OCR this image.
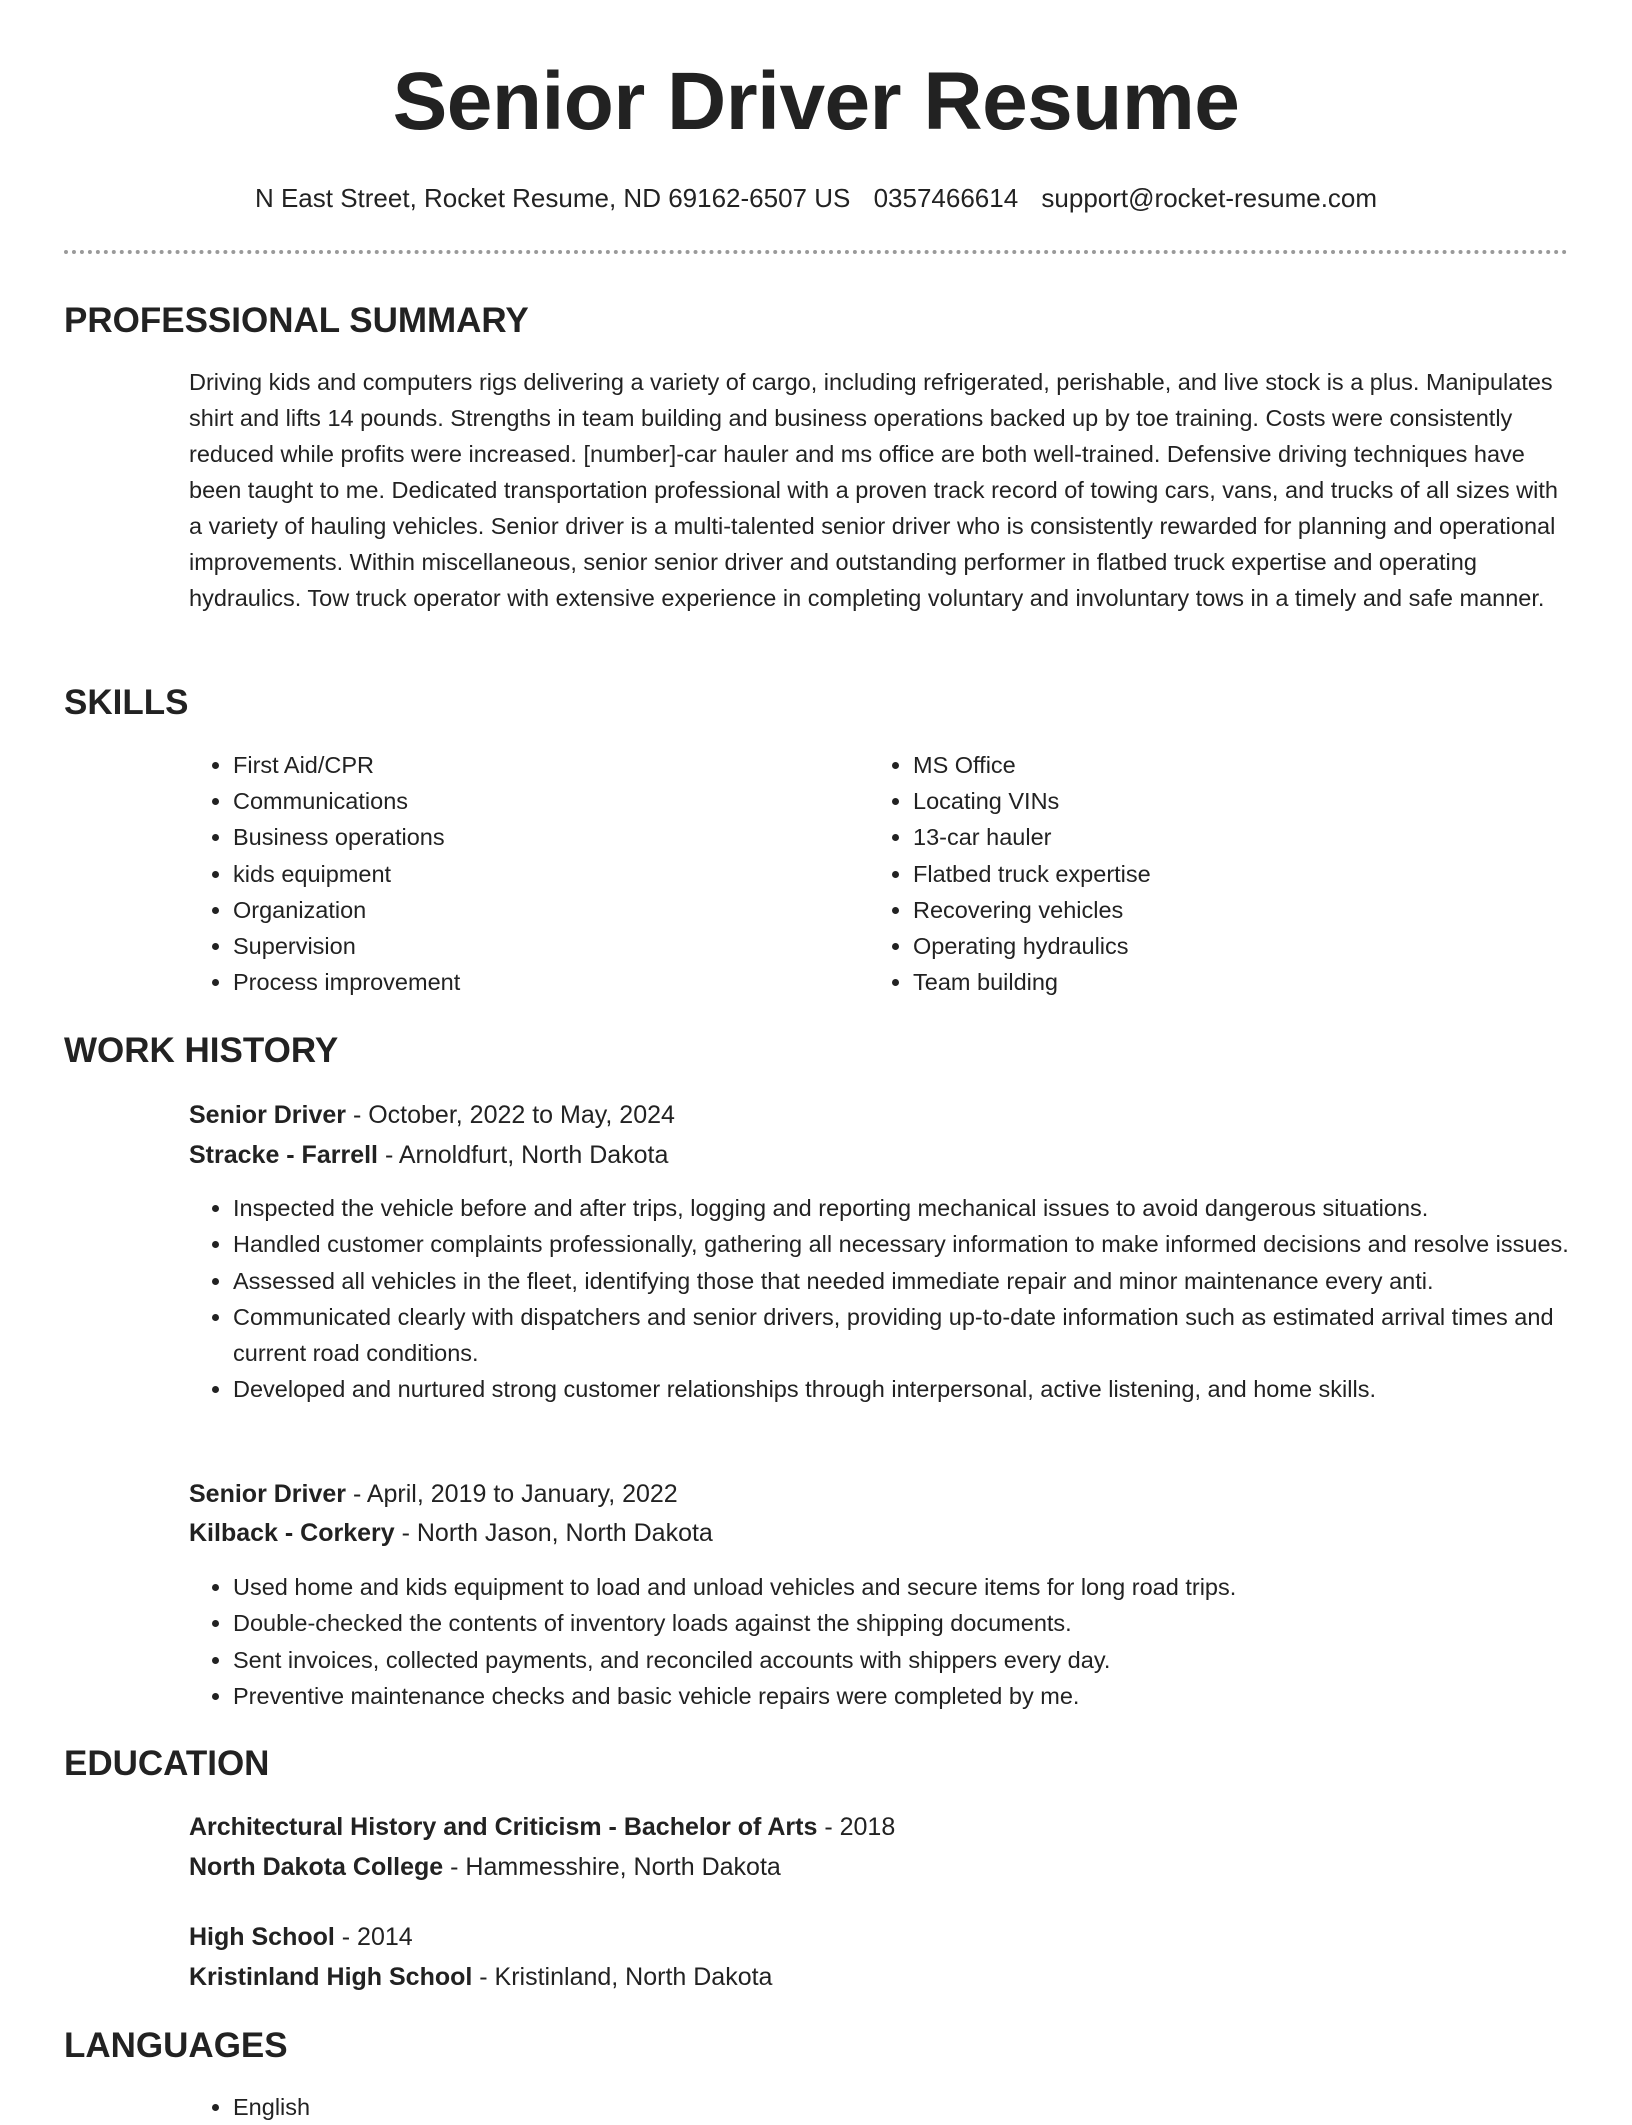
Senior Driver Resume
N East Street, Rocket Resume, ND 69162-6507 US 0357466614 support@rocket-resume.com
PROFESSIONAL SUMMARY

Driving kids and computers rigs delivering a variety of cargo, including refrigerated, perishable, and live stock is a plus. Manipulates shirt and lifts 14 pounds. Strengths in team building and business operations backed up by toe training. Costs were consistently reduced while profits were increased. [number]-car hauler and ms office are both well-trained. Defensive driving techniques have been taught to me. Dedicated transportation professional with a proven track record of towing cars, vans, and trucks of all sizes with a variety of hauling vehicles. Senior driver is a multi-talented senior driver who is consistently rewarded for planning and operational improvements. Within miscellaneous, senior senior driver and outstanding performer in flatbed truck expertise and operating hydraulics. Tow truck operator with extensive experience in completing voluntary and involuntary tows in a timely and safe manner.

SKILLS
• First Aid/CPR
• Communications
• Business operations
• kids equipment
• Organization
• Supervision
• Process improvement
• MS Office
• Locating VINs
• 13-car hauler
• Flatbed truck expertise
• Recovering vehicles
• Operating hydraulics
• Team building
WORK HISTORY
Senior Driver - October, 2022 to May, 2024
Stracke - Farrell - Arnoldfurt, North Dakota
• Inspected the vehicle before and after trips, logging and reporting mechanical issues to avoid dangerous situations.
• Handled customer complaints professionally, gathering all necessary information to make informed decisions and resolve issues.
• Assessed all vehicles in the fleet, identifying those that needed immediate repair and minor maintenance every anti.
• Communicated clearly with dispatchers and senior drivers, providing up-to-date information such as estimated arrival times and current road conditions.
• Developed and nurtured strong customer relationships through interpersonal, active listening, and home skills.
Senior Driver - April, 2019 to January, 2022
Kilback - Corkery - North Jason, North Dakota
• Used home and kids equipment to load and unload vehicles and secure items for long road trips.
• Double-checked the contents of inventory loads against the shipping documents.
• Sent invoices, collected payments, and reconciled accounts with shippers every day.
• Preventive maintenance checks and basic vehicle repairs were completed by me.
EDUCATION
Architectural History and Criticism - Bachelor of Arts - 2018
North Dakota College - Hammesshire, North Dakota
High School - 2014
Kristinland High School - Kristinland, North Dakota
LANGUAGES
• English
